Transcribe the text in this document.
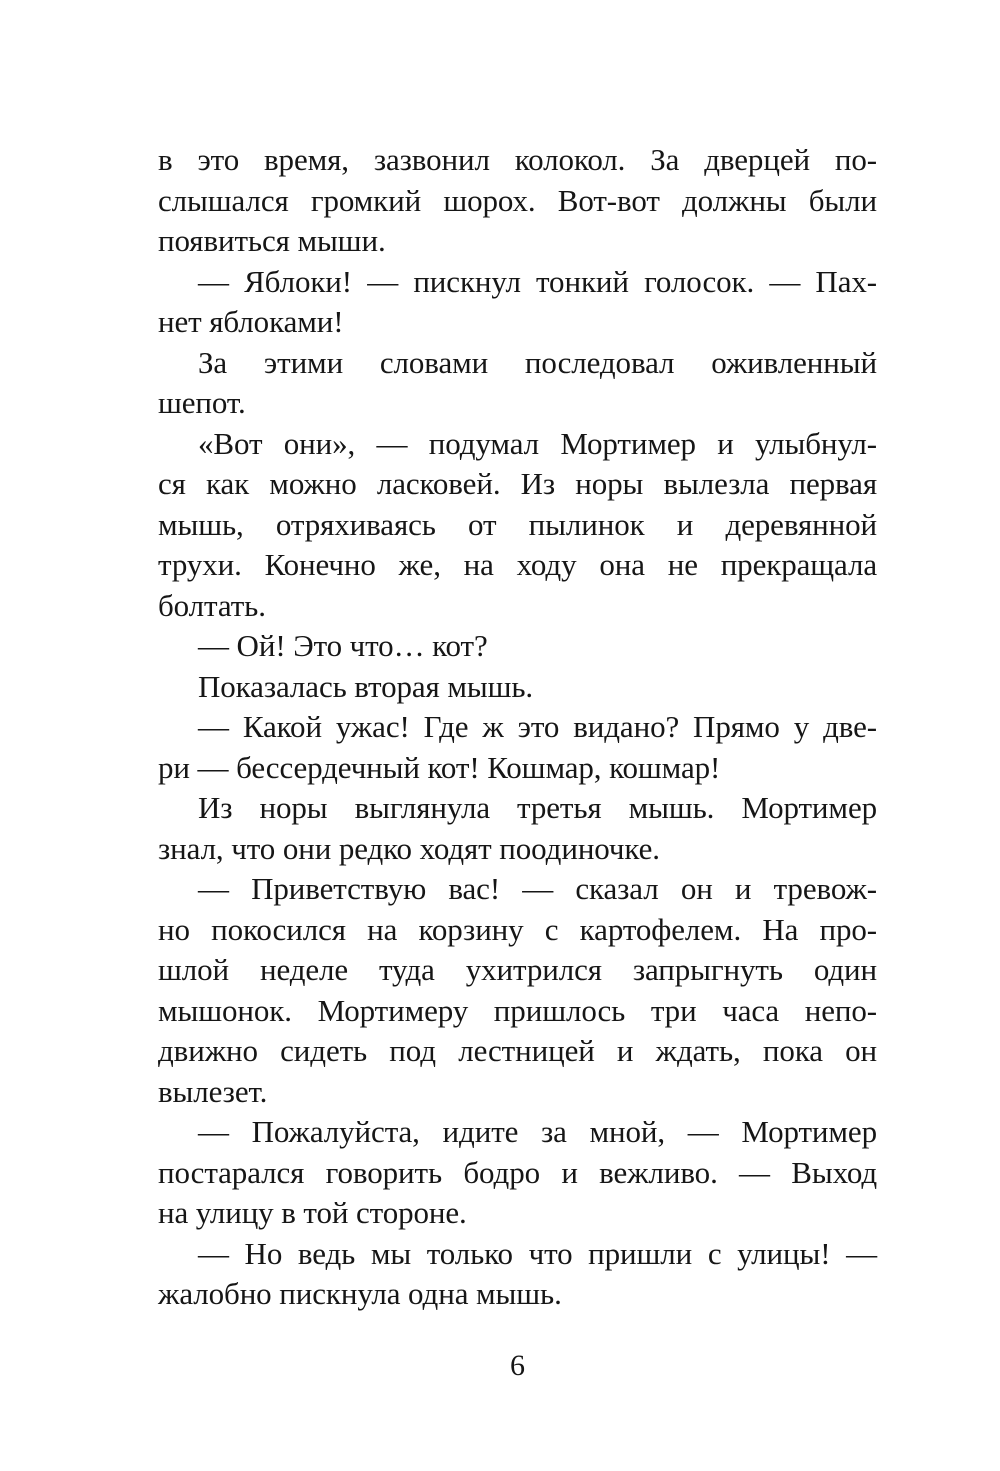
в это время, зазвонил колокол. За дверцей по-
слышался громкий шорох. Вот-вот должны были
появиться мыши.
— Яблоки! — пискнул тонкий голосок. — Пах-
нет яблоками!
За этими словами последовал оживленный
шепот.
«Вот они», — подумал Мортимер и улыбнул-
ся как можно ласковей. Из норы вылезла первая
мышь, отряхиваясь от пылинок и деревянной
трухи. Конечно же, на ходу она не прекращала
болтать.
— Ой! Это что… кот?
Показалась вторая мышь.
— Какой ужас! Где ж это видано? Прямо у две-
ри — бессердечный кот! Кошмар, кошмар!
Из норы выглянула третья мышь. Мортимер
знал, что они редко ходят поодиночке.
— Приветствую вас! — сказал он и тревож-
но покосился на корзину с картофелем. На про-
шлой неделе туда ухитрился запрыгнуть один
мышонок. Мортимеру пришлось три часа непо-
движно сидеть под лестницей и ждать, пока он
вылезет.
— Пожалуйста, идите за мной, — Мортимер
постарался говорить бодро и вежливо. — Выход
на улицу в той стороне.
— Но ведь мы только что пришли с улицы! —
жалобно пискнула одна мышь.
6
